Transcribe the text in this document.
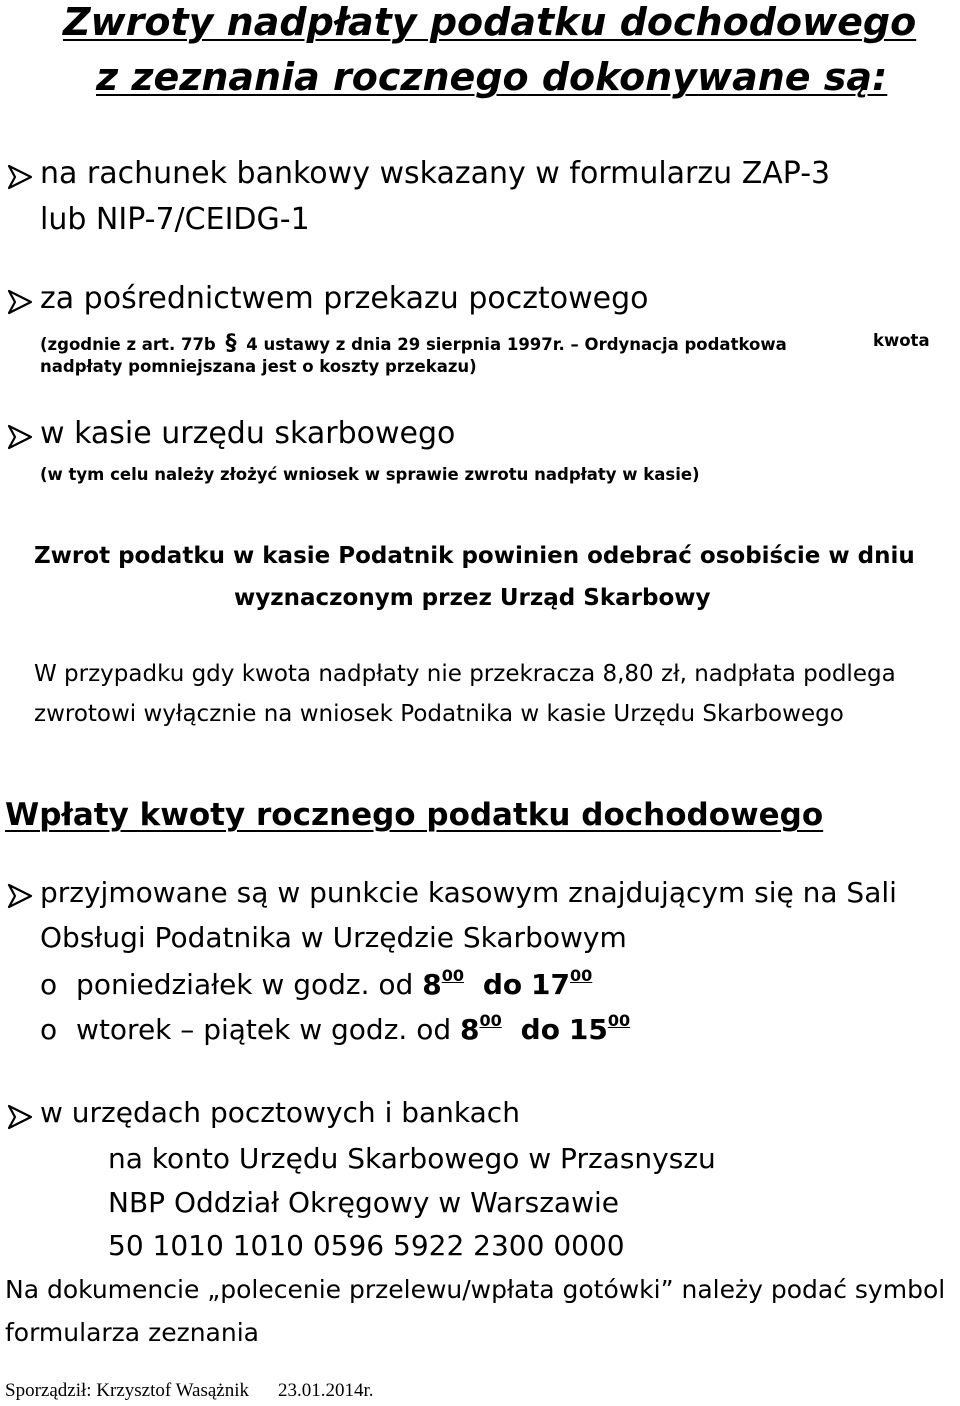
Zwroty nadpłaty podatku dochodowego
z zeznania rocznego dokonywane są:
na rachunek bankowy wskazany w formularzu ZAP-3
lub NIP-7/CEIDG-1
za pośrednictwem przekazu pocztowego
(zgodnie z art. 77b § 4 ustawy z dnia 29 sierpnia 1997r. – Ordynacja podatkowa	kwota
nadpłaty pomniejszana jest o koszty przekazu)
w kasie urzędu skarbowego
(w tym celu należy złożyć wniosek w sprawie zwrotu nadpłaty w kasie)
Zwrot podatku w kasie Podatnik powinien odebrać osobiście w dniu
wyznaczonym przez Urząd Skarbowy
W przypadku gdy kwota nadpłaty nie przekracza 8,80 zł, nadpłata podlega
zwrotowi wyłącznie na wniosek Podatnika w kasie Urzędu Skarbowego
Wpłaty kwoty rocznego podatku dochodowego
przyjmowane są w punkcie kasowym znajdującym się na Sali
Obsługi Podatnika w Urzędzie Skarbowym
o poniedziałek w godz. od $8^{00}$ do $17^{00}$
o wtorek – piątek w godz. od $8^{00}$ do $15^{00}$
w urzędach pocztowych i bankach
na konto Urzędu Skarbowego w Przasnyszu
NBP Oddział Okręgowy w Warszawie
50 1010 1010 0596 5922 2300 0000
Na dokumencie „polecenie przelewu/wpłata gotówki” należy podać symbol
formularza zeznania
Sporządził: Krzysztof Wasążnik 23.01.2014r.
